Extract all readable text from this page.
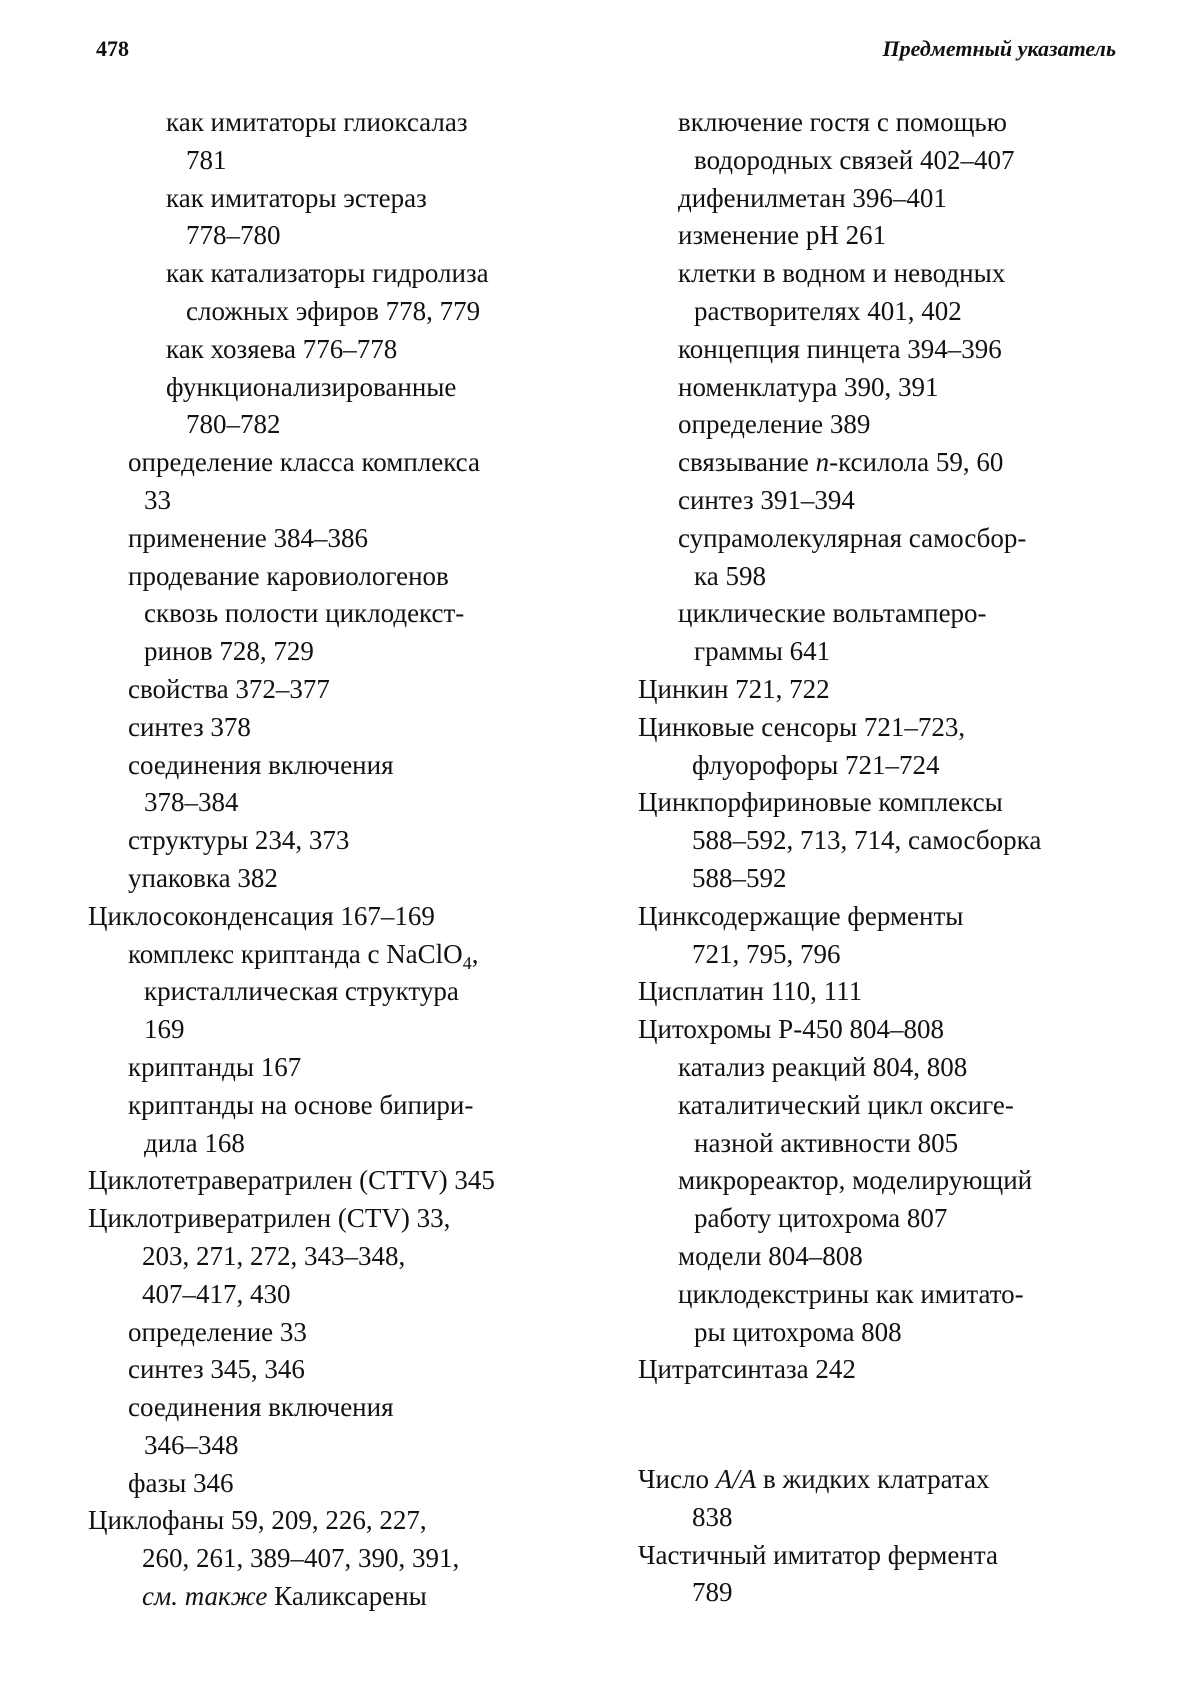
478	Предметный указатель
как имитаторы глиоксалаз
781
как имитаторы эстераз
778–780
как катализаторы гидролиза
сложных эфиров 778, 779
как хозяева 776–778
функционализированные
780–782
определение класса комплекса
33
применение 384–386
продевание каровиологенов
сквозь полости циклодекст-
ринов 728, 729
свойства 372–377
синтез 378
соединения включения
378–384
структуры 234, 373
упаковка 382
Циклосоконденсация 167–169
комплекс криптанда с NaClO$_4$,
кристаллическая структура
169
криптанды 167
криптанды на основе бипири-
дила 168
Циклотетравератрилен (CTTV) 345
Циклотривератрилен (CTV) 33,
203, 271, 272, 343–348,
407–417, 430
определение 33
синтез 345, 346
соединения включения
346–348
фазы 346
Циклофаны 59, 209, 226, 227,
260, 261, 389–407, 390, 391,
см. также Каликсарены
включение гостя с помощью
водородных связей 402–407
дифенилметан 396–401
изменение pH 261
клетки в водном и неводных
растворителях 401, 402
концепция пинцета 394–396
номенклатура 390, 391
определение 389
связывание п-ксилола 59, 60
синтез 391–394
супрамолекулярная самосбор-
ка 598
циклические вольтамперо-
граммы 641
Цинкин 721, 722
Цинковые сенсоры 721–723,
флуорофоры 721–724
Цинкпорфириновые комплексы
588–592, 713, 714, самосборка
588–592
Цинксодержащие ферменты
721, 795, 796
Цисплатин 110, 111
Цитохромы Р-450 804–808
катализ реакций 804, 808
каталитический цикл оксиге-
назной активности 805
микрореактор, моделирующий
работу цитохрома 807
модели 804–808
циклодекстрины как имитато-
ры цитохрома 808
Цитратсинтаза 242
Число А/А в жидких клатратах
838
Частичный имитатор фермента
789
